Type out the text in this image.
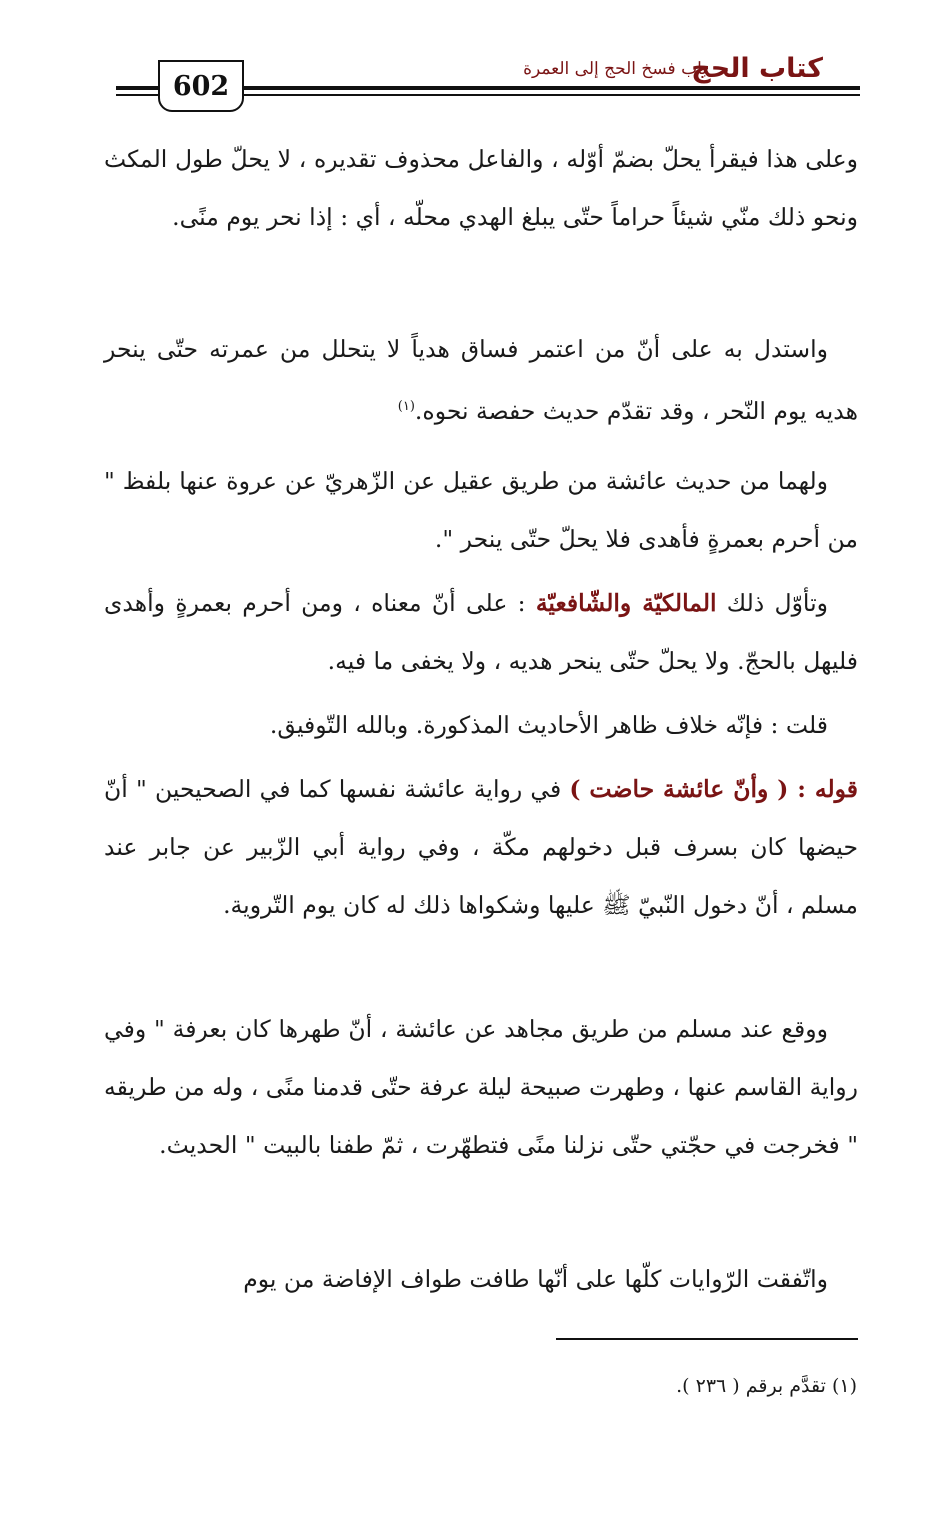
كتاب الحج
باب فسخ الحج إلى العمرة
602
وعلى هذا فيقرأ يحلّ بضمّ أوّله ، والفاعل محذوف تقديره ، لا يحلّ طول المكث ونحو ذلك منّي شيئاً حراماً حتّى يبلغ الهدي محلّه ، أي : إذا نحر يوم منًى.
واستدل به على أنّ من اعتمر فساق هدياً لا يتحلل من عمرته حتّى ينحر هديه يوم النّحر ، وقد تقدّم حديث حفصة نحوه.$^{(١)}$
ولهما من حديث عائشة من طريق عقيل عن الزّهريّ عن عروة عنها بلفظ " من أحرم بعمرةٍ فأهدى فلا يحلّ حتّى ينحر ".
وتأوّل ذلك المالكيّة والشّافعيّة : على أنّ معناه ، ومن أحرم بعمرةٍ وأهدى فليهل بالحجّ. ولا يحلّ حتّى ينحر هديه ، ولا يخفى ما فيه.
قلت : فإنّه خلاف ظاهر الأحاديث المذكورة. وبالله التّوفيق.
قوله : ( وأنّ عائشة حاضت ) في رواية عائشة نفسها كما في الصحيحين " أنّ حيضها كان بسرف قبل دخولهم مكّة ، وفي رواية أبي الزّبير عن جابر عند مسلم ، أنّ دخول النّبيّ ﷺ عليها وشكواها ذلك له كان يوم التّروية.
ووقع عند مسلم من طريق مجاهد عن عائشة ، أنّ طهرها كان بعرفة " وفي رواية القاسم عنها ، وطهرت صبيحة ليلة عرفة حتّى قدمنا منًى ، وله من طريقه " فخرجت في حجّتي حتّى نزلنا منًى فتطهّرت ، ثمّ طفنا بالبيت " الحديث.
واتّفقت الرّوايات كلّها على أنّها طافت طواف الإفاضة من يوم
(١) تقدَّم برقم ( ٢٣٦ ).
